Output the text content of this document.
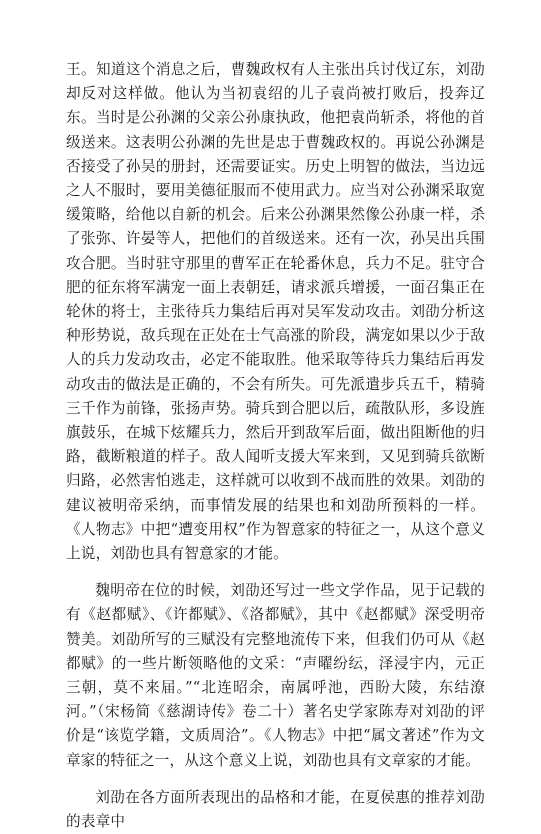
王。知道这个消息之后，曹魏政权有人主张出兵讨伐辽东，刘劭却反对这样做。他认为当初袁绍的儿子袁尚被打败后，投奔辽东。当时是公孙渊的父亲公孙康执政，他把袁尚斩杀，将他的首级送来。这表明公孙渊的先世是忠于曹魏政权的。再说公孙渊是否接受了孙吴的册封，还需要证实。历史上明智的做法，当边远之人不服时，要用美德征服而不使用武力。应当对公孙渊采取宽缓策略，给他以自新的机会。后来公孙渊果然像公孙康一样，杀了张弥、许晏等人，把他们的首级送来。还有一次，孙吴出兵围攻合肥。当时驻守那里的曹军正在轮番休息，兵力不足。驻守合肥的征东将军满宠一面上表朝廷，请求派兵增援，一面召集正在轮休的将士，主张待兵力集结后再对吴军发动攻击。刘劭分析这种形势说，敌兵现在正处在士气高涨的阶段，满宠如果以少于敌人的兵力发动攻击，必定不能取胜。他采取等待兵力集结后再发动攻击的做法是正确的，不会有所失。可先派遣步兵五千，精骑三千作为前锋，张扬声势。骑兵到合肥以后，疏散队形，多设旌旗鼓乐，在城下炫耀兵力，然后开到敌军后面，做出阻断他的归路，截断粮道的样子。敌人闻听支援大军来到，又见到骑兵欲断归路，必然害怕逃走，这样就可以收到不战而胜的效果。刘劭的建议被明帝采纳，而事情发展的结果也和刘劭所预料的一样。《人物志》中把“遭变用权”作为智意家的特征之一，从这个意义上说，刘劭也具有智意家的才能。

魏明帝在位的时候，刘劭还写过一些文学作品，见于记载的有《赵都赋》、《许都赋》、《洛都赋》，其中《赵都赋》深受明帝赞美。刘劭所写的三赋没有完整地流传下来，但我们仍可从《赵都赋》的一些片断领略他的文采：“声曜纷纭，泽浸宇内，元正三朝，莫不来届。”“北连昭余，南属呼池，西盼大陵，东结潦河。”（宋杨简《慈湖诗传》卷二十）著名史学家陈寿对刘劭的评价是“该览学籍，文质周洽”。《人物志》中把“属文著述”作为文章家的特征之一，从这个意义上说，刘劭也具有文章家的才能。

刘劭在各方面所表现出的品格和才能，在夏侯惠的推荐刘劭的表章中
